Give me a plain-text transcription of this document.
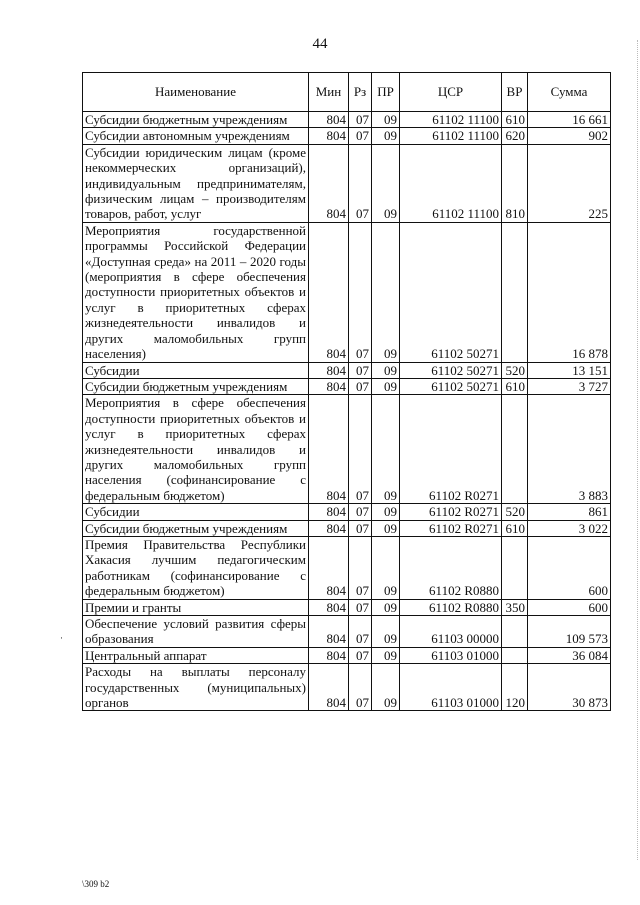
44
Наименование	Мин	Рз	ПР	ЦСР	ВР	Сумма
Субсидии бюджетным учреждениям	804	07	09	61102 11100	610	16 661
Субсидии автономным учреждениям	804	07	09	61102 11100	620	902
Субсидии юридическим лицам (кроме некоммерческих организаций), индивидуальным предпринимателям, физическим лицам – производителям товаров, работ, услуг	804	07	09	61102 11100	810	225
Мероприятия государственной программы Российской Федерации «Доступная среда» на 2011 – 2020 годы (мероприятия в сфере обеспечения доступности приоритетных объектов и услуг в приоритетных сферах жизнедеятельности инвалидов и других маломобильных групп населения)	804	07	09	61102 50271		16 878
Субсидии	804	07	09	61102 50271	520	13 151
Субсидии бюджетным учреждениям	804	07	09	61102 50271	610	3 727
Мероприятия в сфере обеспечения доступности приоритетных объектов и услуг в приоритетных сферах жизнедеятельности инвалидов и других маломобильных групп населения (софинансирование с федеральным бюджетом)	804	07	09	61102 R0271		3 883
Субсидии	804	07	09	61102 R0271	520	861
Субсидии бюджетным учреждениям	804	07	09	61102 R0271	610	3 022
Премия Правительства Республики Хакасия лучшим педагогическим работникам (софинансирование с федеральным бюджетом)	804	07	09	61102 R0880		600
Премии и гранты	804	07	09	61102 R0880	350	600
Обеспечение условий развития сферы образования	804	07	09	61103 00000		109 573
Центральный аппарат	804	07	09	61103 01000		36 084
Расходы на выплаты персоналу государственных (муниципальных) органов	804	07	09	61103 01000	120	30 873
·
\309 b2
